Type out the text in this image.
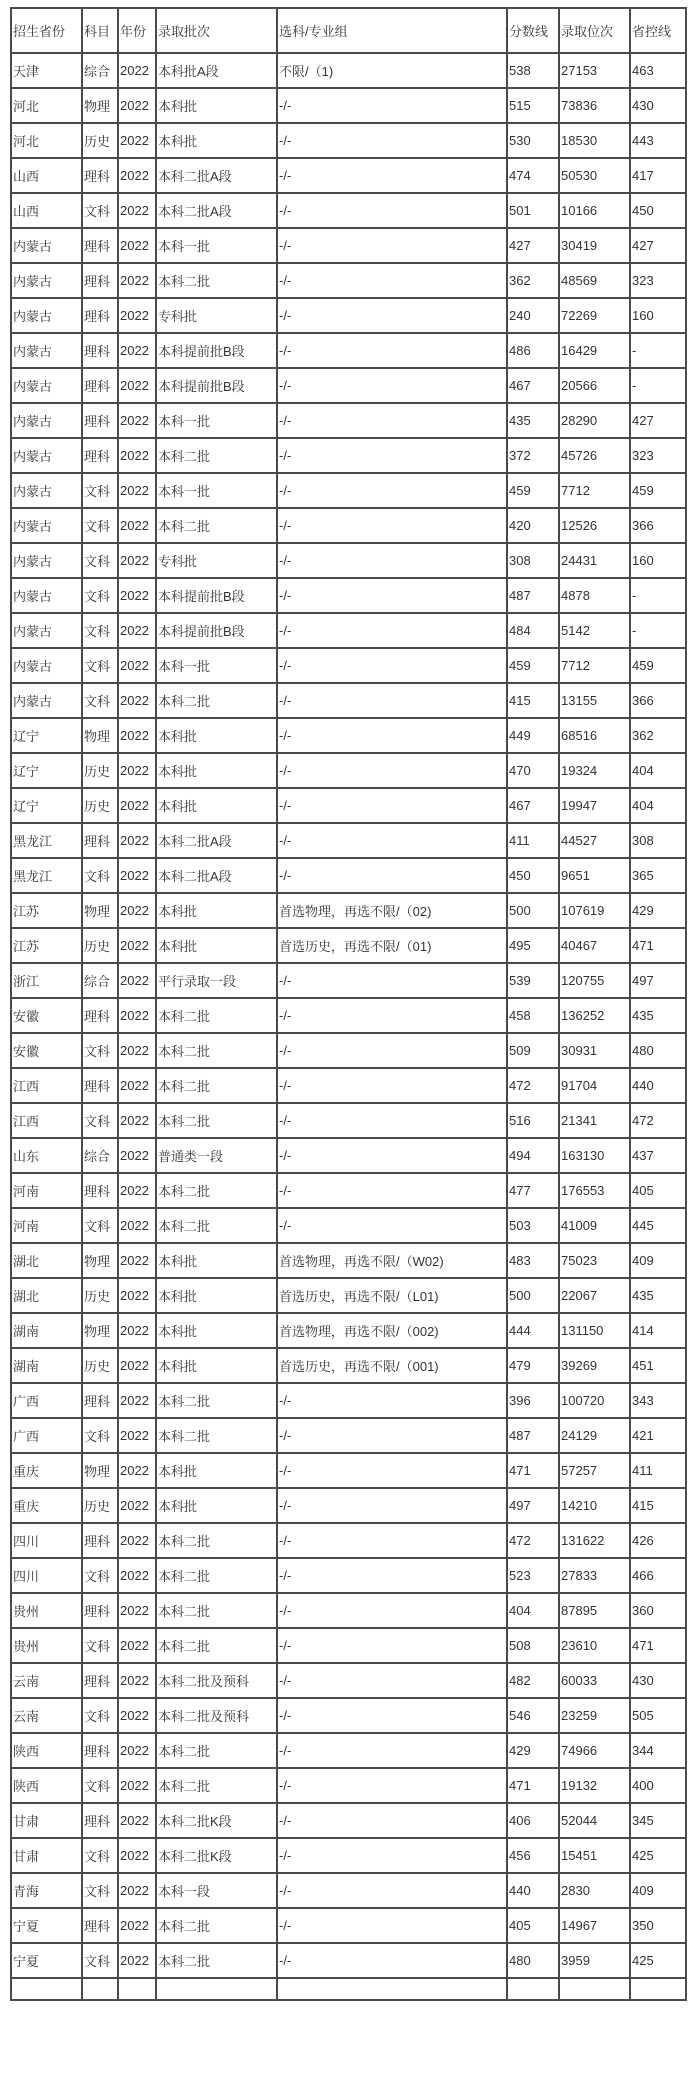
招生省份	科目	年份	录取批次	选科/专业组	分数线	录取位次	省控线
天津	综合	2022	本科批A段	不限/（1)	538	27153	463
河北	物理	2022	本科批	-/-	515	73836	430
河北	历史	2022	本科批	-/-	530	18530	443
山西	理科	2022	本科二批A段	-/-	474	50530	417
山西	文科	2022	本科二批A段	-/-	501	10166	450
内蒙古	理科	2022	本科一批	-/-	427	30419	427
内蒙古	理科	2022	本科二批	-/-	362	48569	323
内蒙古	理科	2022	专科批	-/-	240	72269	160
内蒙古	理科	2022	本科提前批B段	-/-	486	16429	-
内蒙古	理科	2022	本科提前批B段	-/-	467	20566	-
内蒙古	理科	2022	本科一批	-/-	435	28290	427
内蒙古	理科	2022	本科二批	-/-	372	45726	323
内蒙古	文科	2022	本科一批	-/-	459	7712	459
内蒙古	文科	2022	本科二批	-/-	420	12526	366
内蒙古	文科	2022	专科批	-/-	308	24431	160
内蒙古	文科	2022	本科提前批B段	-/-	487	4878	-
内蒙古	文科	2022	本科提前批B段	-/-	484	5142	-
内蒙古	文科	2022	本科一批	-/-	459	7712	459
内蒙古	文科	2022	本科二批	-/-	415	13155	366
辽宁	物理	2022	本科批	-/-	449	68516	362
辽宁	历史	2022	本科批	-/-	470	19324	404
辽宁	历史	2022	本科批	-/-	467	19947	404
黑龙江	理科	2022	本科二批A段	-/-	411	44527	308
黑龙江	文科	2022	本科二批A段	-/-	450	9651	365
江苏	物理	2022	本科批	首选物理，再选不限/（02)	500	107619	429
江苏	历史	2022	本科批	首选历史，再选不限/（01)	495	40467	471
浙江	综合	2022	平行录取一段	-/-	539	120755	497
安徽	理科	2022	本科二批	-/-	458	136252	435
安徽	文科	2022	本科二批	-/-	509	30931	480
江西	理科	2022	本科二批	-/-	472	91704	440
江西	文科	2022	本科二批	-/-	516	21341	472
山东	综合	2022	普通类一段	-/-	494	163130	437
河南	理科	2022	本科二批	-/-	477	176553	405
河南	文科	2022	本科二批	-/-	503	41009	445
湖北	物理	2022	本科批	首选物理，再选不限/（W02)	483	75023	409
湖北	历史	2022	本科批	首选历史，再选不限/（L01)	500	22067	435
湖南	物理	2022	本科批	首选物理，再选不限/（002)	444	131150	414
湖南	历史	2022	本科批	首选历史，再选不限/（001)	479	39269	451
广西	理科	2022	本科二批	-/-	396	100720	343
广西	文科	2022	本科二批	-/-	487	24129	421
重庆	物理	2022	本科批	-/-	471	57257	411
重庆	历史	2022	本科批	-/-	497	14210	415
四川	理科	2022	本科二批	-/-	472	131622	426
四川	文科	2022	本科二批	-/-	523	27833	466
贵州	理科	2022	本科二批	-/-	404	87895	360
贵州	文科	2022	本科二批	-/-	508	23610	471
云南	理科	2022	本科二批及预科	-/-	482	60033	430
云南	文科	2022	本科二批及预科	-/-	546	23259	505
陕西	理科	2022	本科二批	-/-	429	74966	344
陕西	文科	2022	本科二批	-/-	471	19132	400
甘肃	理科	2022	本科二批K段	-/-	406	52044	345
甘肃	文科	2022	本科二批K段	-/-	456	15451	425
青海	文科	2022	本科一段	-/-	440	2830	409
宁夏	理科	2022	本科二批	-/-	405	14967	350
宁夏	文科	2022	本科二批	-/-	480	3959	425
